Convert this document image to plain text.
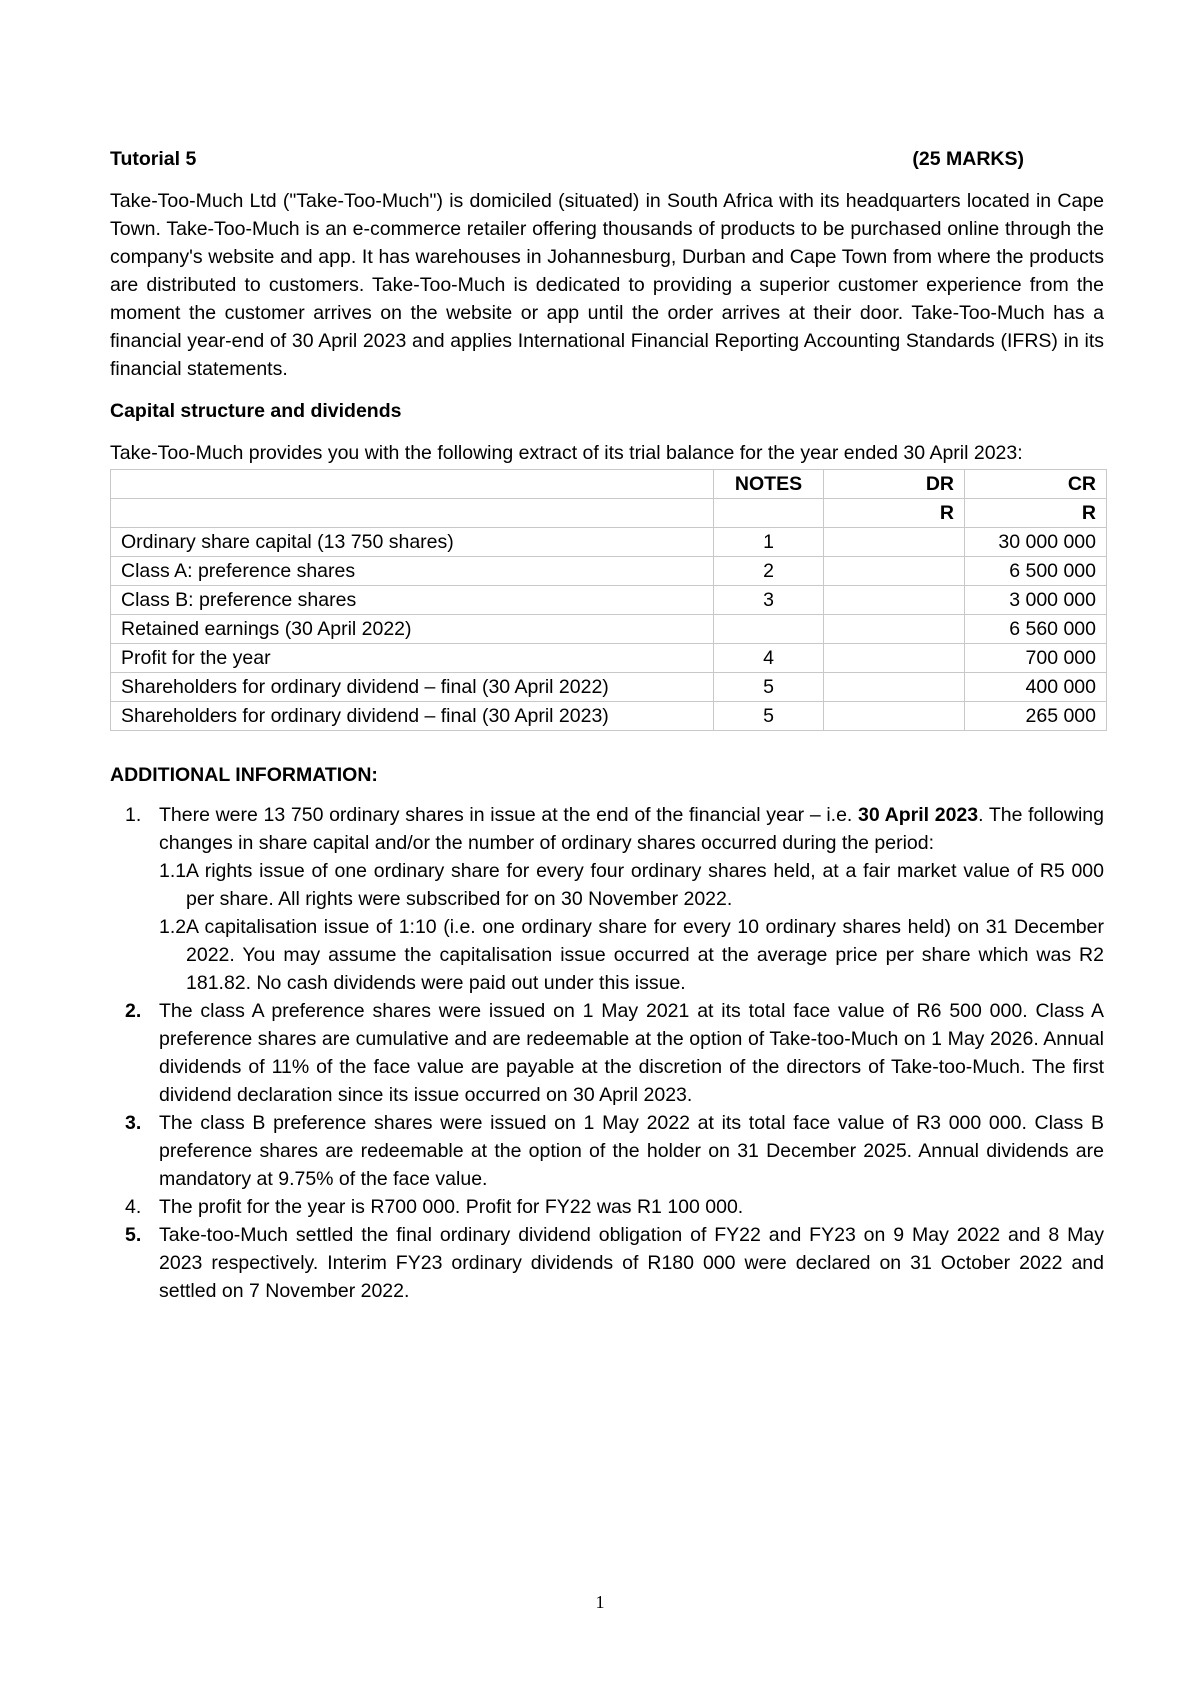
Tutorial 5	(25 MARKS)

Take-Too-Much Ltd ("Take-Too-Much") is domiciled (situated) in South Africa with its headquarters located in Cape Town. Take-Too-Much is an e-commerce retailer offering thousands of products to be purchased online through the company's website and app. It has warehouses in Johannesburg, Durban and Cape Town from where the products are distributed to customers. Take-Too-Much is dedicated to providing a superior customer experience from the moment the customer arrives on the website or app until the order arrives at their door. Take-Too-Much has a financial year-end of 30 April 2023 and applies International Financial Reporting Accounting Standards (IFRS) in its financial statements.

Capital structure and dividends

Take-Too-Much provides you with the following extract of its trial balance for the year ended 30 April 2023:

	NOTES	DR	CR
		R	R
Ordinary share capital (13 750 shares)	1		30 000 000
Class A: preference shares	2		6 500 000
Class B: preference shares	3		3 000 000
Retained earnings (30 April 2022)			6 560 000
Profit for the year	4		700 000
Shareholders for ordinary dividend – final (30 April 2022)	5		400 000
Shareholders for ordinary dividend – final (30 April 2023)	5		265 000
ADDITIONAL INFORMATION:
1. There were 13 750 ordinary shares in issue at the end of the financial year – i.e. 30 April 2023. The following changes in share capital and/or the number of ordinary shares occurred during the period:
1.1 A rights issue of one ordinary share for every four ordinary shares held, at a fair market value of R5 000 per share. All rights were subscribed for on 30 November 2022.
1.2 A capitalisation issue of 1:10 (i.e. one ordinary share for every 10 ordinary shares held) on 31 December 2022. You may assume the capitalisation issue occurred at the average price per share which was R2 181.82. No cash dividends were paid out under this issue.
2. The class A preference shares were issued on 1 May 2021 at its total face value of R6 500 000. Class A preference shares are cumulative and are redeemable at the option of Take-too-Much on 1 May 2026. Annual dividends of 11% of the face value are payable at the discretion of the directors of Take-too-Much. The first dividend declaration since its issue occurred on 30 April 2023.
3. The class B preference shares were issued on 1 May 2022 at its total face value of R3 000 000. Class B preference shares are redeemable at the option of the holder on 31 December 2025. Annual dividends are mandatory at 9.75% of the face value.
4. The profit for the year is R700 000. Profit for FY22 was R1 100 000.
5. Take-too-Much settled the final ordinary dividend obligation of FY22 and FY23 on 9 May 2022 and 8 May 2023 respectively. Interim FY23 ordinary dividends of R180 000 were declared on 31 October 2022 and settled on 7 November 2022.
1
